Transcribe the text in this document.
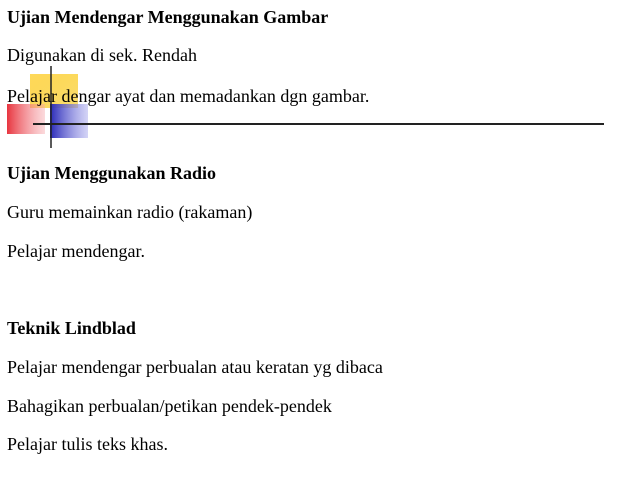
Ujian Mendengar Menggunakan Gambar
Digunakan di sek. Rendah
Pelajar dengar ayat dan memadankan dgn gambar.
Ujian Menggunakan Radio
Guru memainkan radio (rakaman)
Pelajar mendengar.
Teknik Lindblad
Pelajar mendengar perbualan atau keratan yg dibaca
Bahagikan perbualan/petikan pendek-pendek
Pelajar tulis teks khas.
